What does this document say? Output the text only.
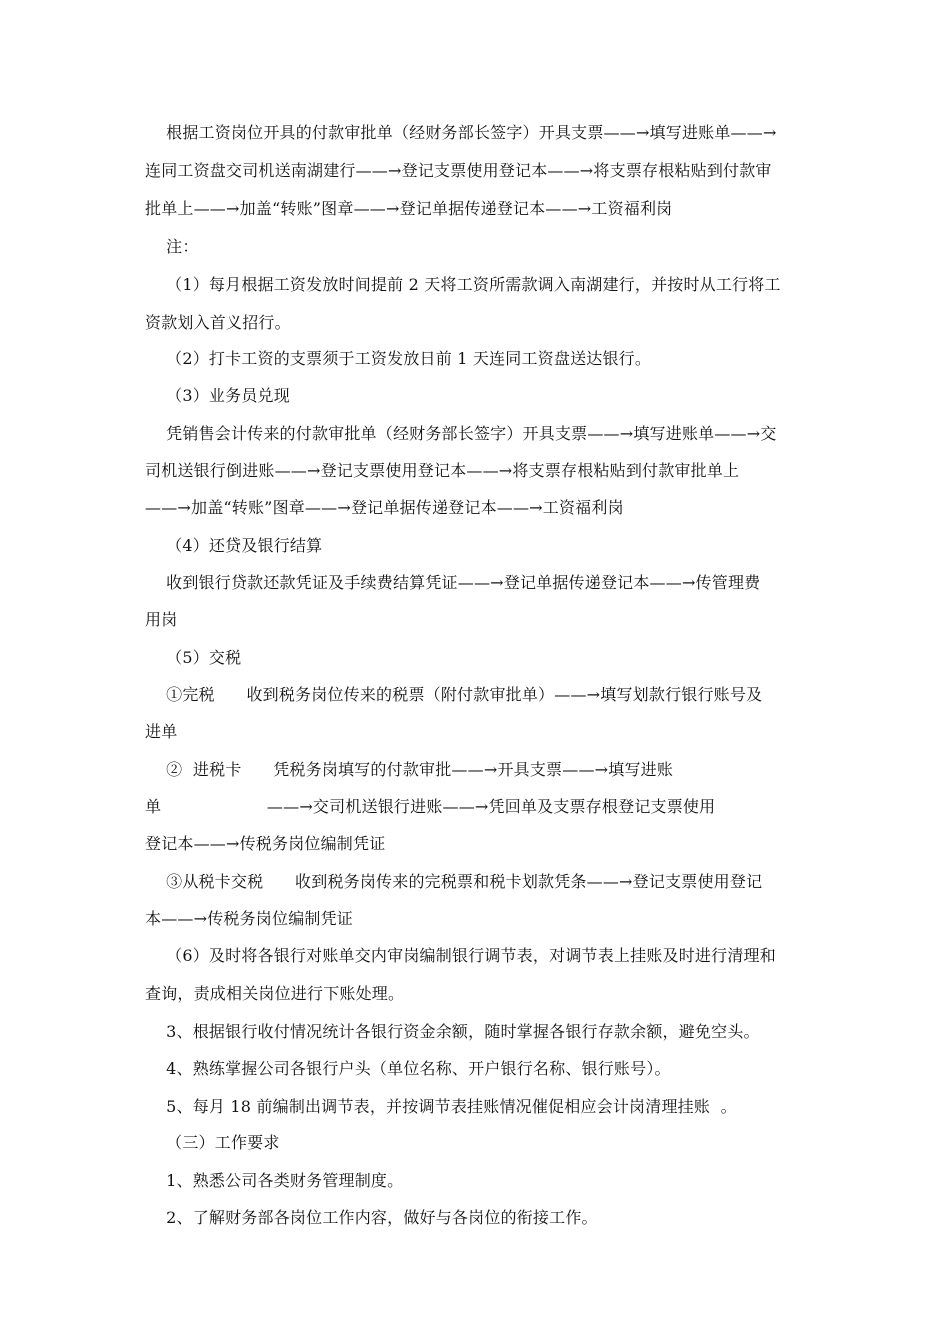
根据工资岗位开具的付款审批单（经财务部长签字）开具支票——→填写进账单——→
连同工资盘交司机送南湖建行——→登记支票使用登记本——→将支票存根粘贴到付款审
批单上——→加盖“转账”图章——→登记单据传递登记本——→工资福利岗
注：
（1）每月根据工资发放时间提前 2 天将工资所需款调入南湖建行，并按时从工行将工
资款划入首义招行。
（2）打卡工资的支票须于工资发放日前 1 天连同工资盘送达银行。
（3）业务员兑现
凭销售会计传来的付款审批单（经财务部长签字）开具支票——→填写进账单——→交
司机送银行倒进账——→登记支票使用登记本——→将支票存根粘贴到付款审批单上
——→加盖“转账”图章——→登记单据传递登记本——→工资福利岗
（4）还贷及银行结算
收到银行贷款还款凭证及手续费结算凭证——→登记单据传递登记本——→传管理费
用岗
（5）交税
①完税      收到税务岗位传来的税票（附付款审批单）——→填写划款行银行账号及
进单
②  进税卡      凭税务岗填写的付款审批——→开具支票——→填写进账
单                    ——→交司机送银行进账——→凭回单及支票存根登记支票使用
登记本——→传税务岗位编制凭证
③从税卡交税      收到税务岗传来的完税票和税卡划款凭条——→登记支票使用登记
本——→传税务岗位编制凭证
（6）及时将各银行对账单交内审岗编制银行调节表，对调节表上挂账及时进行清理和
查询，责成相关岗位进行下账处理。
3、根据银行收付情况统计各银行资金余额，随时掌握各银行存款余额，避免空头。
4、熟练掌握公司各银行户头（单位名称、开户银行名称、银行账号）。
5、每月 18 前编制出调节表，并按调节表挂账情况催促相应会计岗清理挂账  。
（三）工作要求
1、熟悉公司各类财务管理制度。
2、了解财务部各岗位工作内容，做好与各岗位的衔接工作。
